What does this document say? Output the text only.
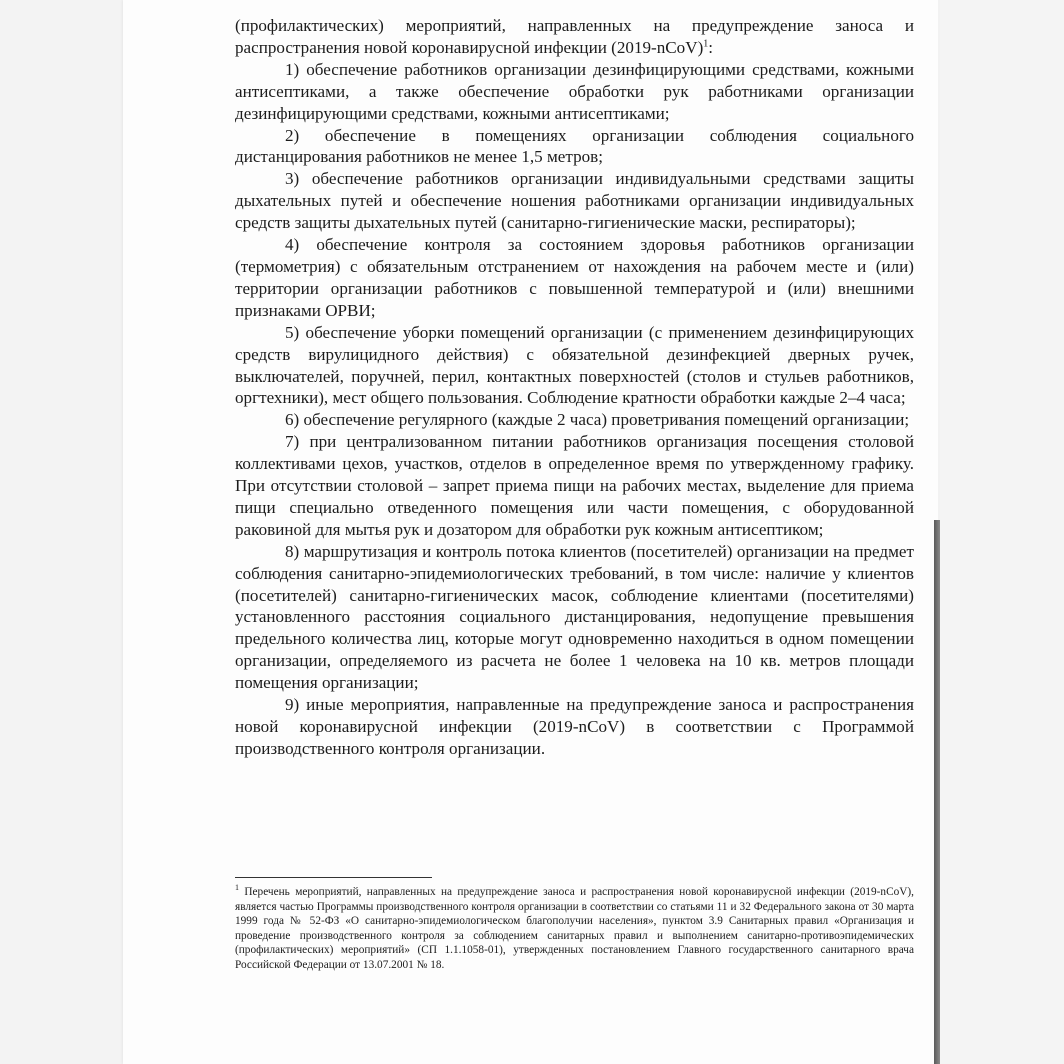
(профилактических) мероприятий, направленных на предупреждение заноса и распространения новой коронавирусной инфекции (2019-nCoV)$^1$:

1) обеспечение работников организации дезинфицирующими средствами, кожными антисептиками, а также обеспечение обработки рук работниками организации дезинфицирующими средствами, кожными антисептиками;

2) обеспечение в помещениях организации соблюдения социального дистанцирования работников не менее 1,5 метров;

3) обеспечение работников организации индивидуальными средствами защиты дыхательных путей и обеспечение ношения работниками организации индивидуальных средств защиты дыхательных путей (санитарно-гигиенические маски, респираторы);

4) обеспечение контроля за состоянием здоровья работников организации (термометрия) с обязательным отстранением от нахождения на рабочем месте и (или) территории организации работников с повышенной температурой и (или) внешними признаками ОРВИ;

5) обеспечение уборки помещений организации (с применением дезинфицирующих средств вирулицидного действия) с обязательной дезинфекцией дверных ручек, выключателей, поручней, перил, контактных поверхностей (столов и стульев работников, оргтехники), мест общего пользования. Соблюдение кратности обработки каждые 2–4 часа;

6) обеспечение регулярного (каждые 2 часа) проветривания помещений организации;

7) при централизованном питании работников организация посещения столовой коллективами цехов, участков, отделов в определенное время по утвержденному графику. При отсутствии столовой – запрет приема пищи на рабочих местах, выделение для приема пищи специально отведенного помещения или части помещения, с оборудованной раковиной для мытья рук и дозатором для обработки рук кожным антисептиком;

8) маршрутизация и контроль потока клиентов (посетителей) организации на предмет соблюдения санитарно-эпидемиологических требований, в том числе: наличие у клиентов (посетителей) санитарно-гигиенических масок, соблюдение клиентами (посетителями) установленного расстояния социального дистанцирования, недопущение превышения предельного количества лиц, которые могут одновременно находиться в одном помещении организации, определяемого из расчета не более 1 человека на 10 кв. метров площади помещения организации;

9) иные мероприятия, направленные на предупреждение заноса и распространения новой коронавирусной инфекции (2019-nCoV) в соответствии с Программой производственного контроля организации.

$^1$ Перечень мероприятий, направленных на предупреждение заноса и распространения новой коронавирусной инфекции (2019-nCoV), является частью Программы производственного контроля организации в соответствии со статьями 11 и 32 Федерального закона от 30 марта 1999 года № 52-ФЗ «О санитарно-эпидемиологическом благополучии населения», пунктом 3.9 Санитарных правил «Организация и проведение производственного контроля за соблюдением санитарных правил и выполнением санитарно-противоэпидемических (профилактических) мероприятий» (СП 1.1.1058-01), утвержденных постановлением Главного государственного санитарного врача Российской Федерации от 13.07.2001 № 18.
